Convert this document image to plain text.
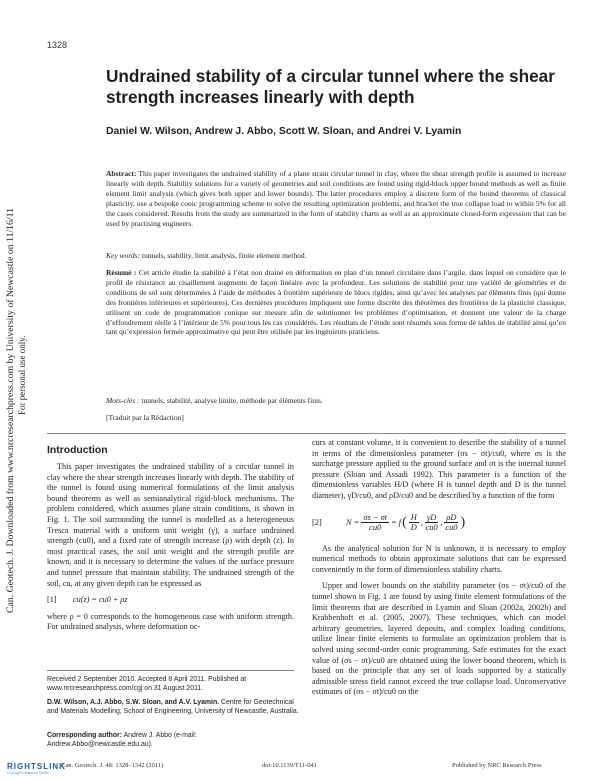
1328
Can. Geotech. J. Downloaded from www.nrcresearchpress.com by University of Newcastle on 11/16/11 For personal use only.
Undrained stability of a circular tunnel where the shear strength increases linearly with depth
Daniel W. Wilson, Andrew J. Abbo, Scott W. Sloan, and Andrei V. Lyamin

Abstract: This paper investigates the undrained stability of a plane strain circular tunnel in clay, where the shear strength profile is assumed to increase linearly with depth. Stability solutions for a variety of geometries and soil conditions are found using rigid-block upper bound methods as well as finite element limit analysis (which gives both upper and lower bounds). The latter procedures employ a discrete form of the bound theorems of classical plasticity, use a bespoke conic programming scheme to solve the resulting optimization problems, and bracket the true collapse load to within 5% for all the cases considered. Results from the study are summarized in the form of stability charts as well as an approximate closed-form expression that can be used by practising engineers.

Key words: tunnels, stability, limit analysis, finite element method.

Résumé : Cet article étudie la stabilité à l’état non drainé en déformation en plan d’un tunnel circulaire dans l’argile, dans lequel on considère que le profil de résistance au cisaillement augmente de façon linéaire avec la profondeur. Les solutions de stabilité pour une variété de géométries et de conditions de sol sont déterminées à l’aide de méthodes à frontière supérieure de blocs rigides, ainsi qu’avec les analyses par éléments finis (qui donne des frontières inférieures et supérieures). Ces dernières procédures impliquent une forme discrète des théorèmes des frontières de la plasticité classique, utilisent un code de programmation conique sur mesure afin de solutionner les problèmes d’optimisation, et donnent une valeur de la charge d’effondrement réelle à l’intérieur de 5% pour tous les cas considérés. Les résultats de l’étude sont résumés sous forme de tables de stabilité ainsi qu’en tant qu’expression fermée approximative qui peut être utilisée par les ingénieurs praticiens.

Mots-clés : tunnels, stabilité, analyse limite, méthode par éléments finis.

[Traduit par la Rédaction]

Introduction

This paper investigates the undrained stability of a circular tunnel in clay where the shear strength increases linearly with depth. The stability of the tunnel is found using numerical formulations of the limit analysis bound theorems as well as semianalytical rigid-block mechanisms. The problem considered, which assumes plane strain conditions, is shown in Fig. 1. The soil surrounding the tunnel is modelled as a heterogeneous Tresca material with a uniform unit weight (γ), a surface undrained strength (cu0), and a fixed rate of strength increase (ρ) with depth (z). In most practical cases, the soil unit weight and the strength profile are known, and it is necessary to determine the values of the surface pressure and tunnel pressure that maintain stability. The undrained strength of the soil, cu, at any given depth can be expressed as

[1]	cu(z) = cu0 + ρz

where ρ = 0 corresponds to the homogeneous case with uniform strength. For undrained analysis, where deformation oc-

curs at constant volume, it is convenient to describe the stability of a tunnel in terms of the dimensionless parameter (σs − σt)/cu0, where σs is the surcharge pressure applied to the ground surface and σt is the internal tunnel pressure (Sloan and Assadi 1992). This parameter is a function of the dimensionless variables H/D (where H is tunnel depth and D is the tunnel diameter), γD/cu0, and ρD/cu0 and be described by a function of the form

[2]	$N = \frac{\sigma s - \sigma t}{cu0} = f$ ( $\frac{H}{D}$ , $\frac{\gamma D}{cu0}$ , $\frac{\rho D}{cu0}$ )

As the analytical solution for N is unknown, it is necessary to employ numerical methods to obtain approximate solutions that can be expressed conveniently in the form of dimensionless stability charts.

Upper and lower bounds on the stability parameter (σs − σt)/cu0 of the tunnel shown in Fig. 1 are found by using finite element formulations of the limit theorems that are described in Lyamin and Sloan (2002a, 2002b) and Krabbenhoft et al. (2005, 2007). These techniques, which can model arbitrary geometries, layered deposits, and complex loading conditions, utilize linear finite elements to formulate an optimization problem that is solved using second-order conic programming. Safe estimates for the exact value of (σs − σt)/cu0 are obtained using the lower bound theorem, which is based on the principle that any set of loads supported by a statically admissible stress field cannot exceed the true collapse load. Unconservative estimates of (σs − σt)/cu0 on the

Received 2 September 2010. Accepted 8 April 2011. Published at www.nrcresearchpress.com/cgj on 31 August 2011.

D.W. Wilson, A.J. Abbo, S.W. Sloan, and A.V. Lyamin. Centre for Geotechnical and Materials Modelling, School of Engineering, University of Newcastle, Australia.

Corresponding author: Andrew J. Abbo (e-mail: Andrew.Abbo@newcastle.edu.au).

RIGHTSLINK
Copyright Clearance Center
Can. Geotech. J. 48: 1328–1342 (2011)	doi:10.1139/T11-041	Published by NRC Research Press
